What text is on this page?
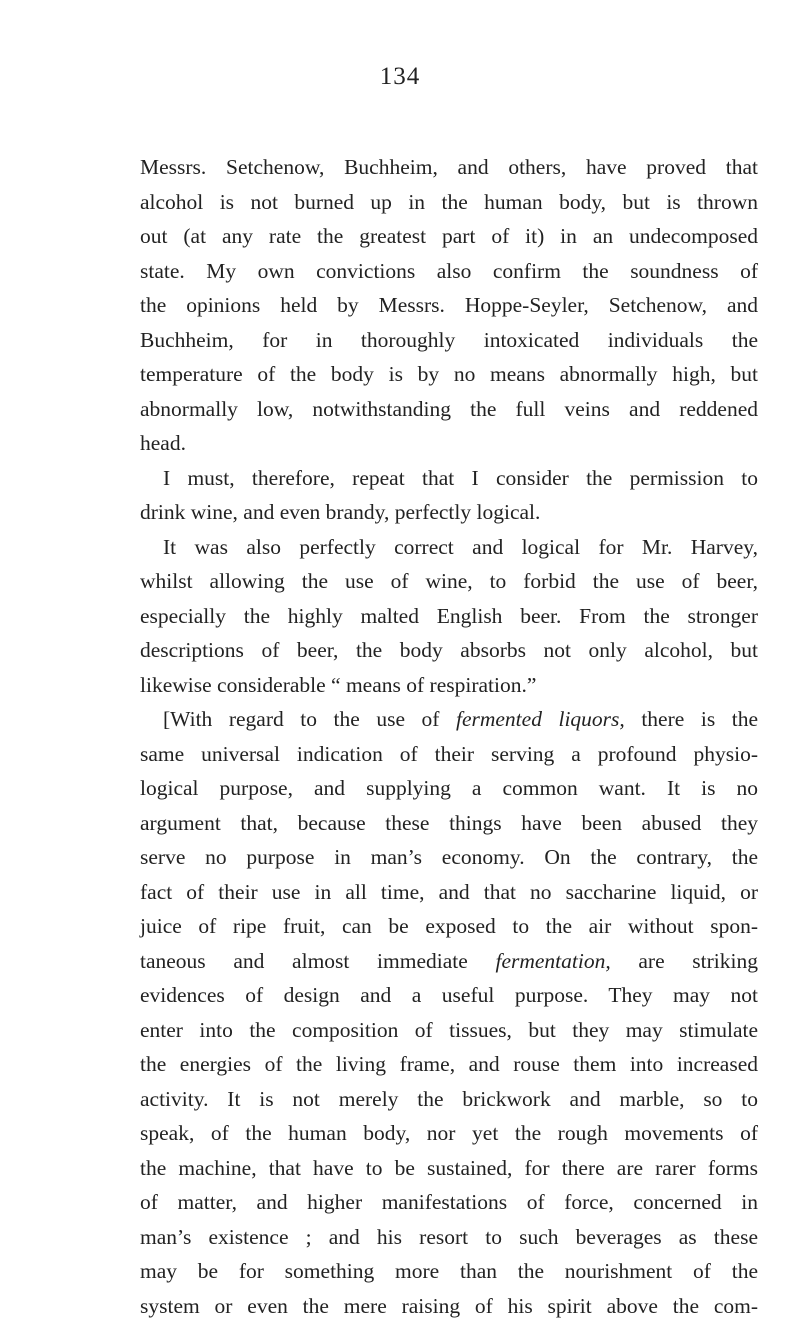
134
Messrs. Setchenow, Buchheim, and others, have proved that
alcohol is not burned up in the human body, but is thrown
out (at any rate the greatest part of it) in an undecomposed
state. My own convictions also confirm the soundness of
the opinions held by Messrs. Hoppe-Seyler, Setchenow, and
Buchheim, for in thoroughly intoxicated individuals the
temperature of the body is by no means abnormally high, but
abnormally low, notwithstanding the full veins and reddened
head.
I must, therefore, repeat that I consider the permission to
drink wine, and even brandy, perfectly logical.
It was also perfectly correct and logical for Mr. Harvey,
whilst allowing the use of wine, to forbid the use of beer,
especially the highly malted English beer. From the stronger
descriptions of beer, the body absorbs not only alcohol, but
likewise considerable “ means of respiration.”
[With regard to the use of fermented liquors, there is the
same universal indication of their serving a profound physio-
logical purpose, and supplying a common want. It is no
argument that, because these things have been abused they
serve no purpose in man’s economy. On the contrary, the
fact of their use in all time, and that no saccharine liquid, or
juice of ripe fruit, can be exposed to the air without spon-
taneous and almost immediate fermentation, are striking
evidences of design and a useful purpose. They may not
enter into the composition of tissues, but they may stimulate
the energies of the living frame, and rouse them into increased
activity. It is not merely the brickwork and marble, so to
speak, of the human body, nor yet the rough movements of
the machine, that have to be sustained, for there are rarer forms
of matter, and higher manifestations of force, concerned in
man’s existence ; and his resort to such beverages as these
may be for something more than the nourishment of the
system or even the mere raising of his spirit above the com-
